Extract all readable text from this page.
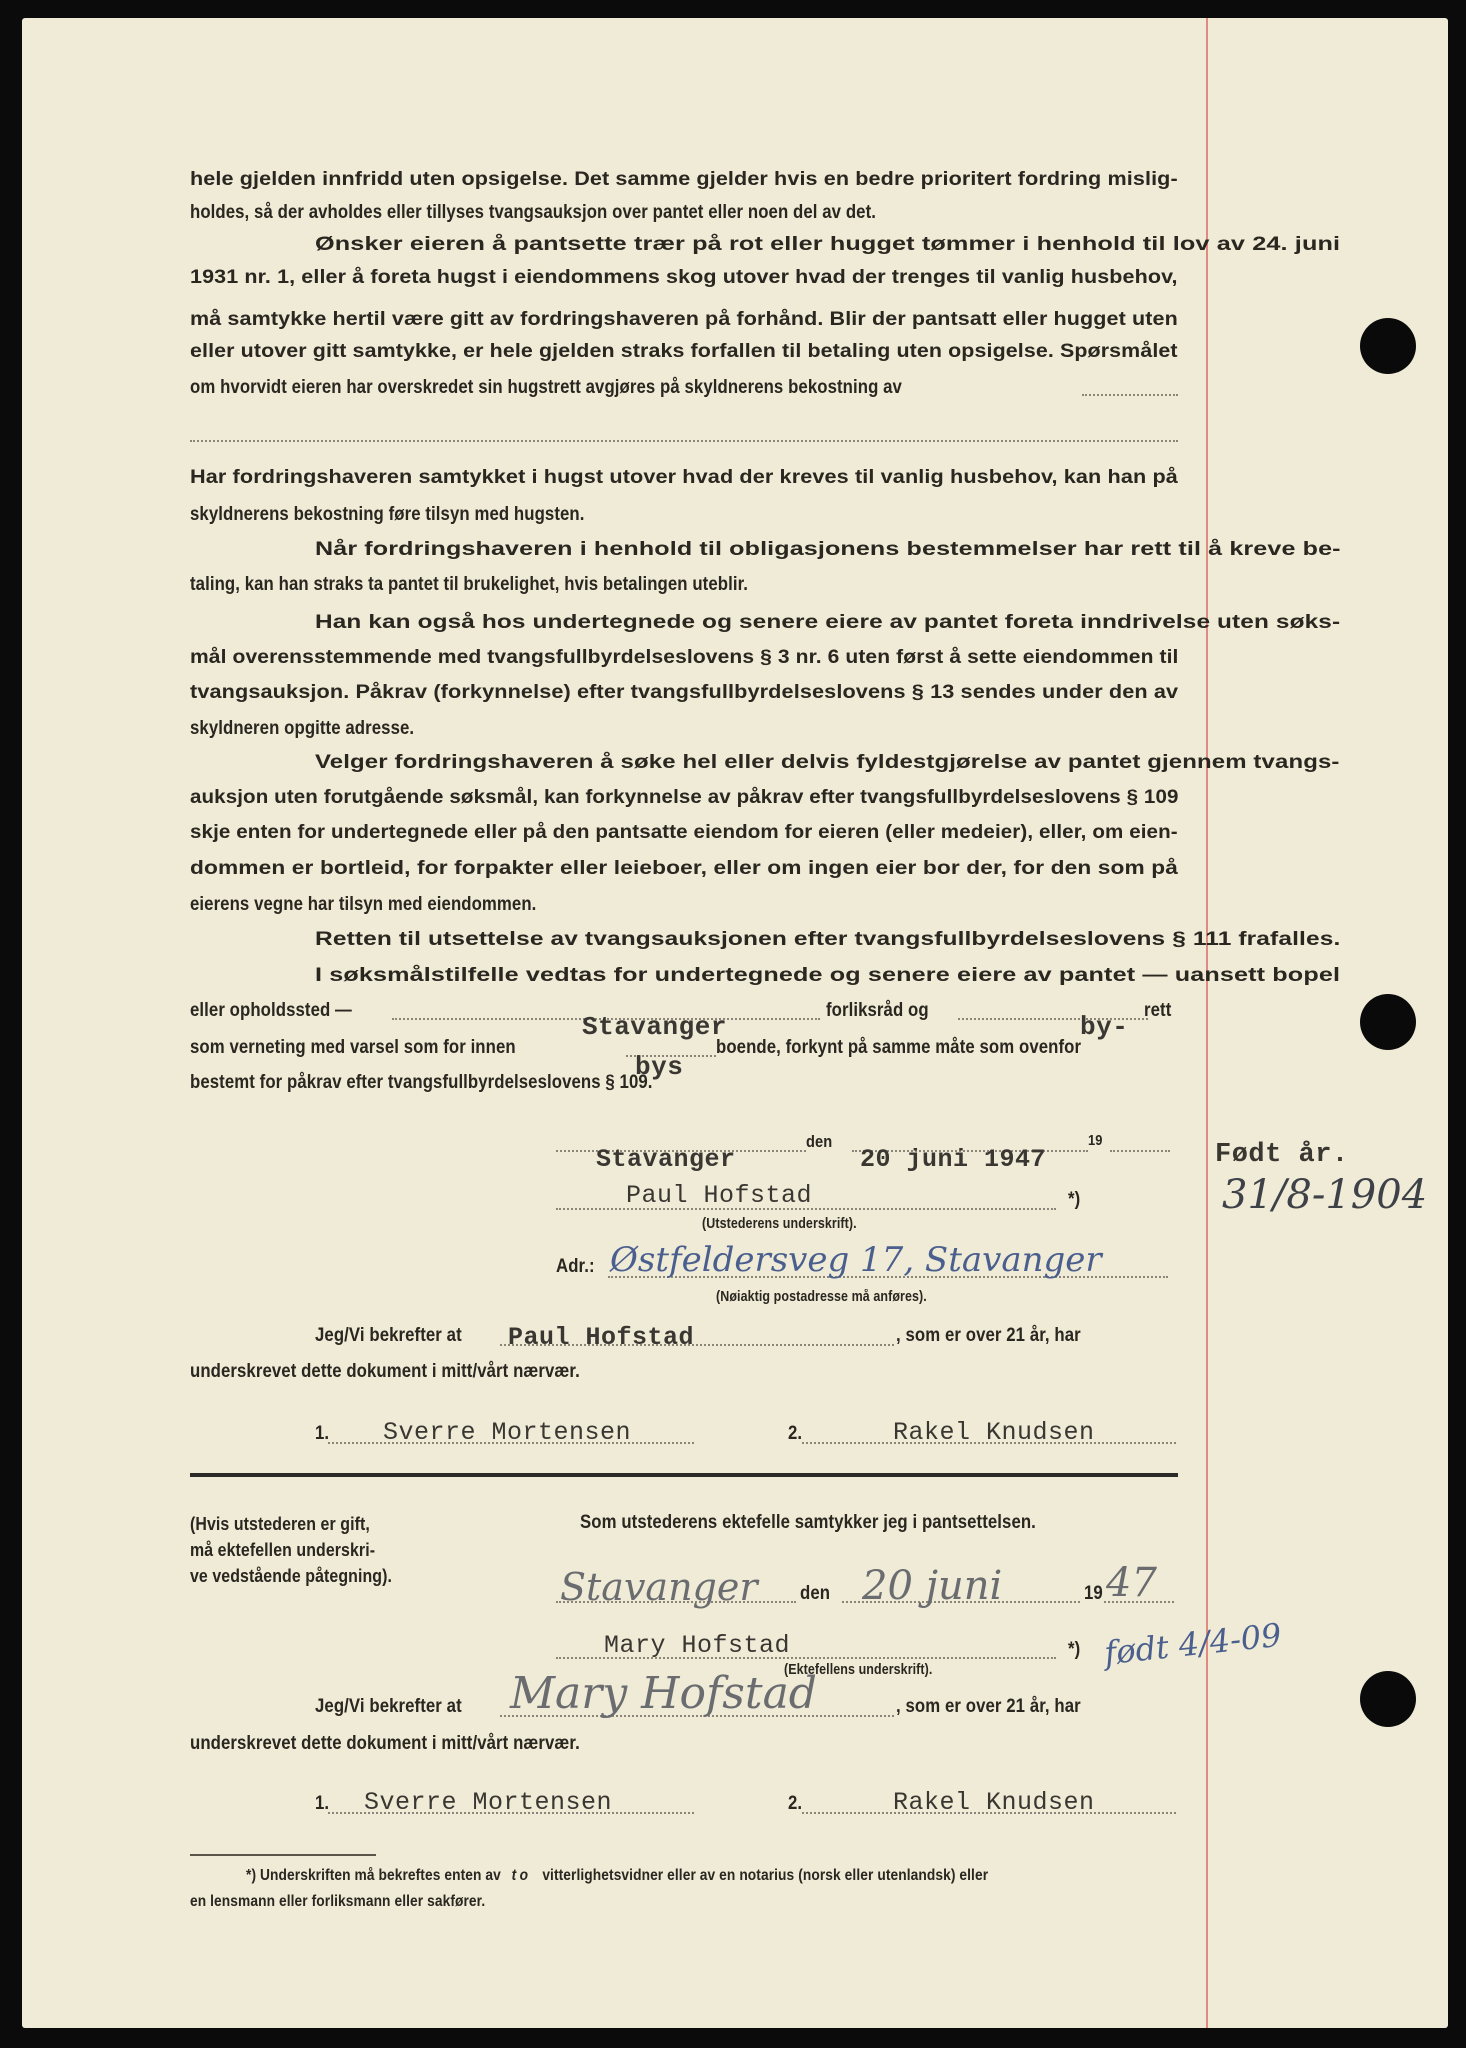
hele gjelden innfridd uten opsigelse. Det samme gjelder hvis en bedre prioritert fordring mislig-
holdes, så der avholdes eller tillyses tvangsauksjon over pantet eller noen del av det.
Ønsker eieren å pantsette trær på rot eller hugget tømmer i henhold til lov av 24. juni
1931 nr. 1, eller å foreta hugst i eiendommens skog utover hvad der trenges til vanlig husbehov,
må samtykke hertil være gitt av fordringshaveren på forhånd. Blir der pantsatt eller hugget uten
eller utover gitt samtykke, er hele gjelden straks forfallen til betaling uten opsigelse. Spørsmålet
om hvorvidt eieren har overskredet sin hugstrett avgjøres på skyldnerens bekostning av
Har fordringshaveren samtykket i hugst utover hvad der kreves til vanlig husbehov, kan han på
skyldnerens bekostning føre tilsyn med hugsten.
Når fordringshaveren i henhold til obligasjonens bestemmelser har rett til å kreve be-
taling, kan han straks ta pantet til brukelighet, hvis betalingen uteblir.
Han kan også hos undertegnede og senere eiere av pantet foreta inndrivelse uten søks-
mål overensstemmende med tvangsfullbyrdelseslovens § 3 nr. 6 uten først å sette eiendommen til
tvangsauksjon. Påkrav (forkynnelse) efter tvangsfullbyrdelseslovens § 13 sendes under den av
skyldneren opgitte adresse.
Velger fordringshaveren å søke hel eller delvis fyldestgjørelse av pantet gjennem tvangs-
auksjon uten forutgående søksmål, kan forkynnelse av påkrav efter tvangsfullbyrdelseslovens § 109
skje enten for undertegnede eller på den pantsatte eiendom for eieren (eller medeier), eller, om eien-
dommen er bortleid, for forpakter eller leieboer, eller om ingen eier bor der, for den som på
eierens vegne har tilsyn med eiendommen.
Retten til utsettelse av tvangsauksjonen efter tvangsfullbyrdelseslovens § 111 frafalles.
I søksmålstilfelle vedtas for undertegnede og senere eiere av pantet — uansett bopel
bestemt for påkrav efter tvangsfullbyrdelseslovens § 109.
eller opholdssted —	forliksråd og	rett
Stavanger	by-
som verneting med varsel som for innen	boende, forkynt på samme måte som ovenfor
bys
den	19
Stavanger	20 juni 1947
Paul Hofstad	*)
(Utstederens underskrift).
Adr.: Østfeldersveg 17, Stavanger
(Nøiaktig postadresse må anføres).
Født år.
31/8-1904
Jeg/Vi bekrefter at Paul Hofstad	, som er over 21 år, har
underskrevet dette dokument i mitt/vårt nærvær.
1. Sverre Mortensen	2.	Rakel Knudsen
(Hvis utstederen er gift,
må ektefellen underskri-
ve vedstående påtegning).
Som utstederens ektefelle samtykker jeg i pantsettelsen.
Stavanger den 20 juni	19 47
Mary Hofstad	*) født 4/4-09
(Ektefellens underskrift).
Jeg/Vi bekrefter at Mary Hofstad	, som er over 21 år, har
underskrevet dette dokument i mitt/vårt nærvær.
1. Sverre Mortensen	2.	Rakel Knudsen
*) Underskriften må bekreftes enten av to vitterlighetsvidner eller av en notarius (norsk eller utenlandsk) eller
en lensmann eller forliksmann eller sakfører.
